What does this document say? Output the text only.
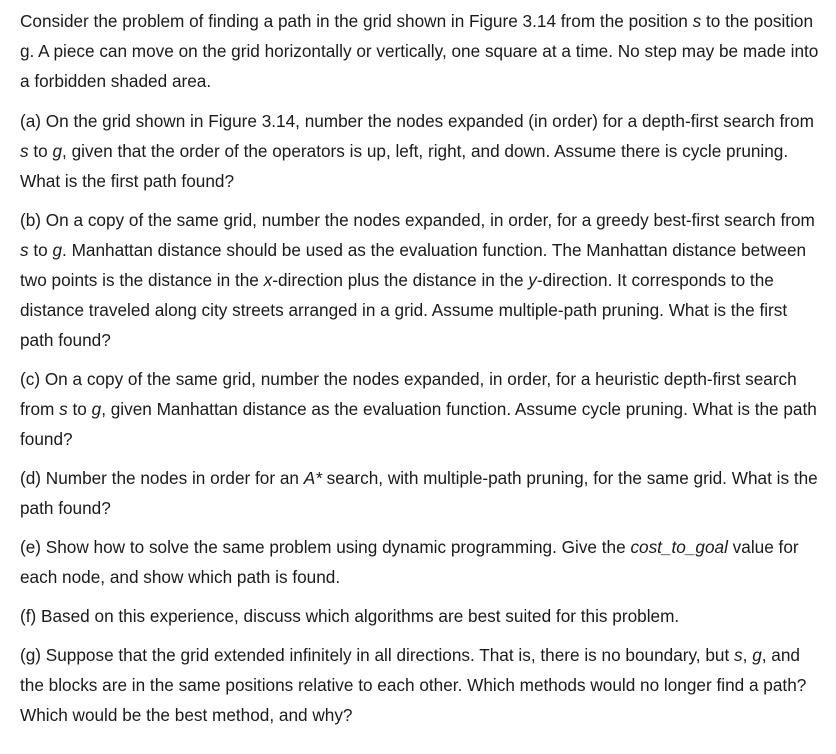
Consider the problem of finding a path in the grid shown in Figure 3.14 from the position s to the position g. A piece can move on the grid horizontally or vertically, one square at a time. No step may be made into a forbidden shaded area.

(a) On the grid shown in Figure 3.14, number the nodes expanded (in order) for a depth-first search from s to g, given that the order of the operators is up, left, right, and down. Assume there is cycle pruning. What is the first path found?

(b) On a copy of the same grid, number the nodes expanded, in order, for a greedy best-first search from s to g. Manhattan distance should be used as the evaluation function. The Manhattan distance between two points is the distance in the x-direction plus the distance in the y-direction. It corresponds to the distance traveled along city streets arranged in a grid. Assume multiple-path pruning. What is the first path found?

(c) On a copy of the same grid, number the nodes expanded, in order, for a heuristic depth-first search from s to g, given Manhattan distance as the evaluation function. Assume cycle pruning. What is the path found?

(d) Number the nodes in order for an A* search, with multiple-path pruning, for the same grid. What is the path found?

(e) Show how to solve the same problem using dynamic programming. Give the cost_to_goal value for each node, and show which path is found.

(f) Based on this experience, discuss which algorithms are best suited for this problem.

(g) Suppose that the grid extended infinitely in all directions. That is, there is no boundary, but s, g, and the blocks are in the same positions relative to each other. Which methods would no longer find a path? Which would be the best method, and why?
